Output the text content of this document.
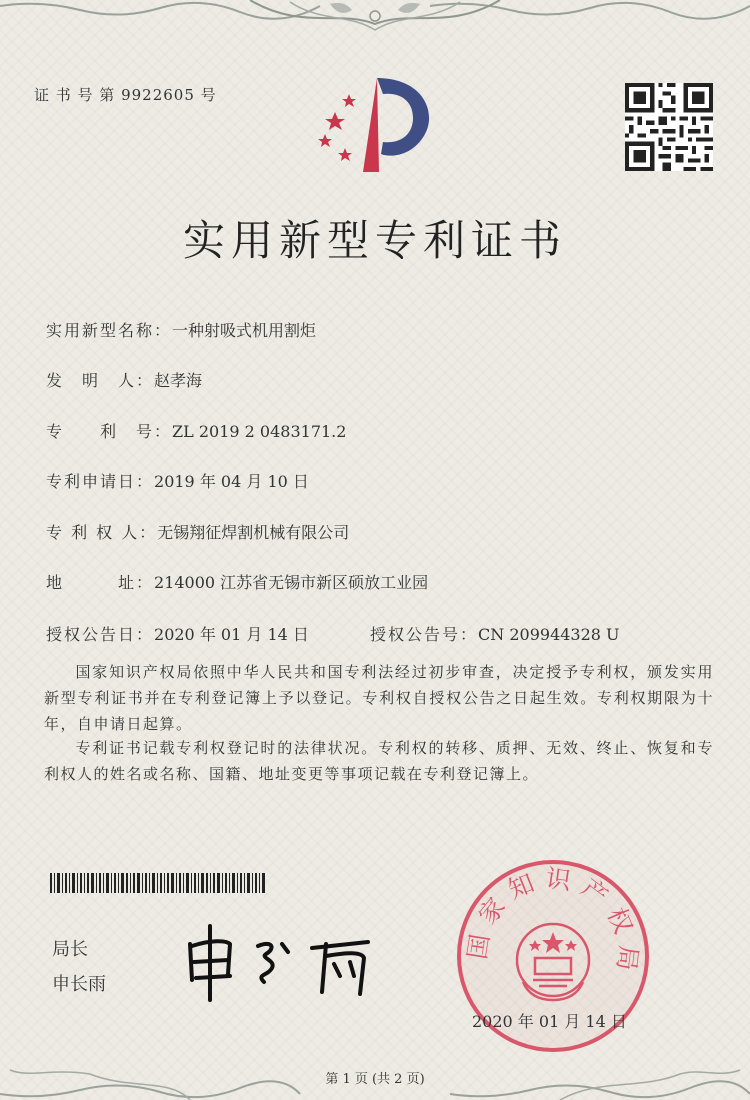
证 书 号 第 9922605 号
实用新型专利证书
实用新型名称：一种射吸式机用割炬
发　明　人：赵孝海
专　　利　号：ZL 2019 2 0483171.2
专利申请日：2019 年 04 月 10 日
专 利 权 人：无锡翔征焊割机械有限公司
地　　　址：214000 江苏省无锡市新区硕放工业园
授权公告日：2020 年 01 月 14 日	授权公告号：CN 209944328 U
国家知识产权局依照中华人民共和国专利法经过初步审查，决定授予专利权，颁发实用新型专利证书并在专利登记簿上予以登记。专利权自授权公告之日起生效。专利权期限为十年，自申请日起算。
专利证书记载专利权登记时的法律状况。专利权的转移、质押、无效、终止、恢复和专利权人的姓名或名称、国籍、地址变更等事项记载在专利登记簿上。
局长
申长雨
国家知识产权局
2020 年 01 月 14 日
第 1 页 (共 2 页)
